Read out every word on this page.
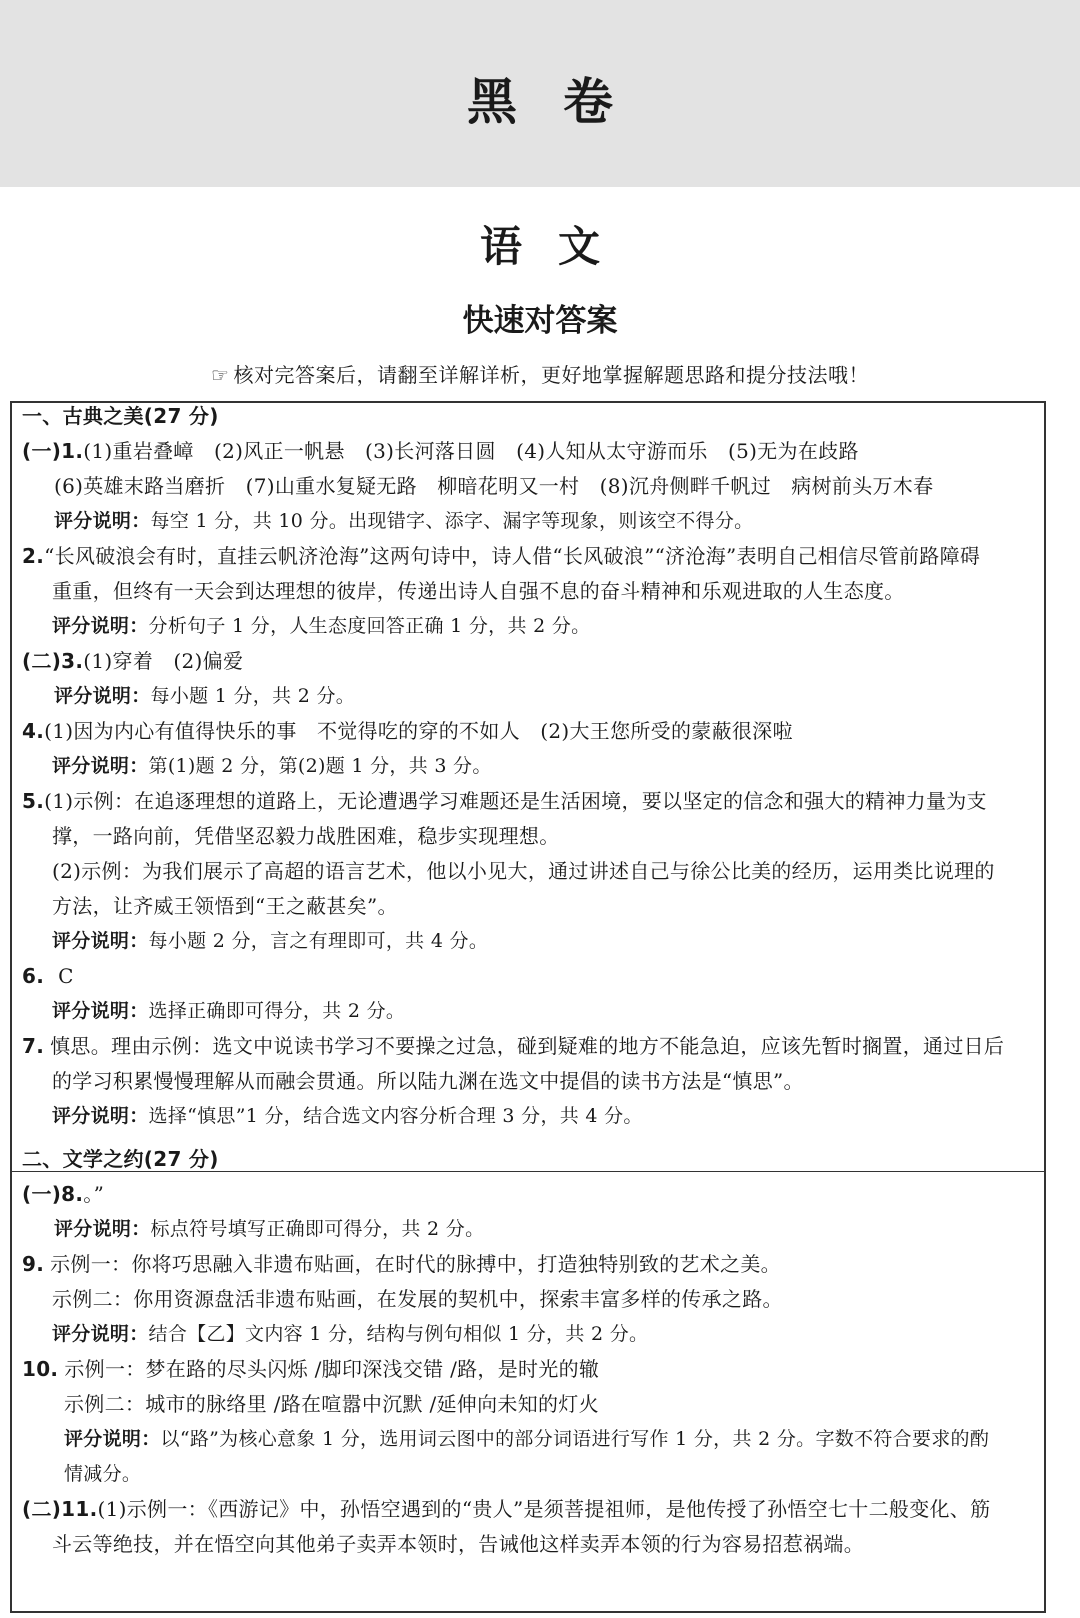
黑卷
语文
快速对答案
☞ 核对完答案后，请翻至详解详析，更好地掌握解题思路和提分技法哦！
一、古典之美(27 分)
(一)1.(1)重岩叠嶂　(2)风正一帆悬　(3)长河落日圆　(4)人知从太守游而乐　(5)无为在歧路
(6)英雄末路当磨折　(7)山重水复疑无路　柳暗花明又一村　(8)沉舟侧畔千帆过　病树前头万木春
评分说明：每空 1 分，共 10 分。出现错字、添字、漏字等现象，则该空不得分。
2.“长风破浪会有时，直挂云帆济沧海”这两句诗中，诗人借“长风破浪”“济沧海”表明自己相信尽管前路障碍
重重，但终有一天会到达理想的彼岸，传递出诗人自强不息的奋斗精神和乐观进取的人生态度。
评分说明：分析句子 1 分，人生态度回答正确 1 分，共 2 分。
(二)3.(1)穿着　(2)偏爱
评分说明：每小题 1 分，共 2 分。
4.(1)因为内心有值得快乐的事　不觉得吃的穿的不如人　(2)大王您所受的蒙蔽很深啦
评分说明：第(1)题 2 分，第(2)题 1 分，共 3 分。
5.(1)示例：在追逐理想的道路上，无论遭遇学习难题还是生活困境，要以坚定的信念和强大的精神力量为支
撑，一路向前，凭借坚忍毅力战胜困难，稳步实现理想。
(2)示例：为我们展示了高超的语言艺术，他以小见大，通过讲述自己与徐公比美的经历，运用类比说理的
方法，让齐威王领悟到“王之蔽甚矣”。
评分说明：每小题 2 分，言之有理即可，共 4 分。
6. C
评分说明：选择正确即可得分，共 2 分。
7. 慎思。理由示例：选文中说读书学习不要操之过急，碰到疑难的地方不能急迫，应该先暂时搁置，通过日后
的学习积累慢慢理解从而融会贯通。所以陆九渊在选文中提倡的读书方法是“慎思”。
评分说明：选择“慎思”1 分，结合选文内容分析合理 3 分，共 4 分。
二、文学之约(27 分)
(一)8.。”
评分说明：标点符号填写正确即可得分，共 2 分。
9. 示例一：你将巧思融入非遗布贴画，在时代的脉搏中，打造独特别致的艺术之美。
示例二：你用资源盘活非遗布贴画，在发展的契机中，探索丰富多样的传承之路。
评分说明：结合【乙】文内容 1 分，结构与例句相似 1 分，共 2 分。
10. 示例一：梦在路的尽头闪烁 /脚印深浅交错 /路，是时光的辙
示例二：城市的脉络里 /路在喧嚣中沉默 /延伸向未知的灯火
评分说明：以“路”为核心意象 1 分，选用词云图中的部分词语进行写作 1 分，共 2 分。字数不符合要求的酌
情减分。
(二)11.(1)示例一：《西游记》中，孙悟空遇到的“贵人”是须菩提祖师，是他传授了孙悟空七十二般变化、筋
斗云等绝技，并在悟空向其他弟子卖弄本领时，告诫他这样卖弄本领的行为容易招惹祸端。
